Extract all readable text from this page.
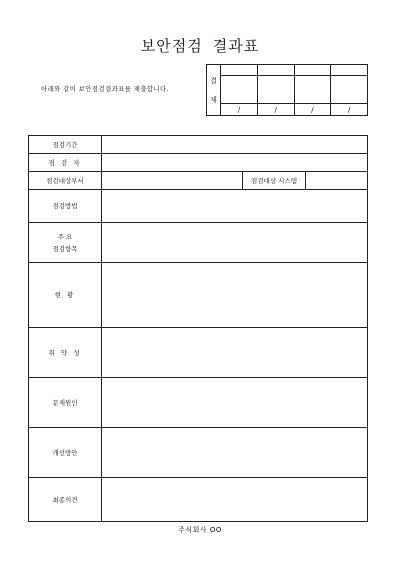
보안점검 결과표
아래와 같이 보안점검결과표를 제출합니다.
결
재
/	/	/	/
점검기간	
점 검 자	
점검대상부서	점검대상 시스템

점검방법	

주 요
점검항목	

현 황	
취 약 성	
문제원인	
개선방안	
최종의견	
주식회사 OO
